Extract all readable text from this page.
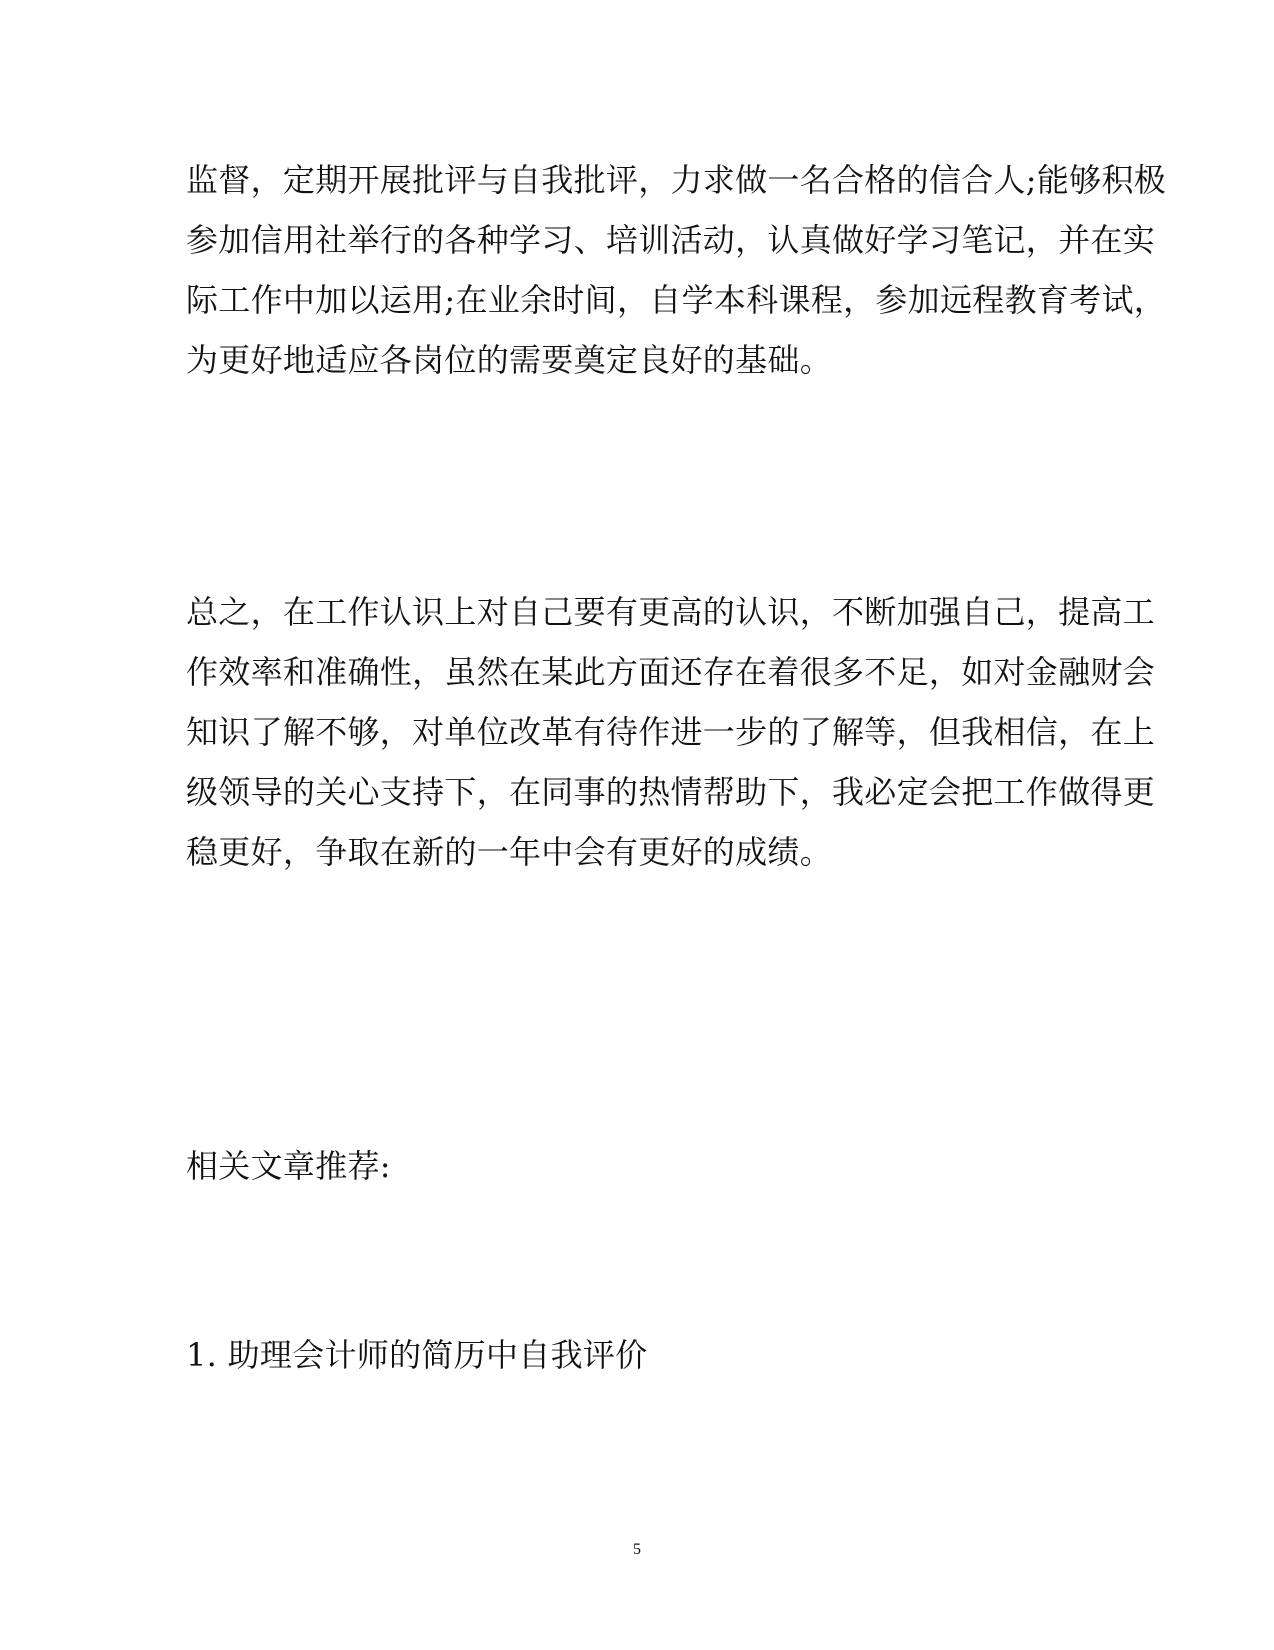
监督，定期开展批评与自我批评，力求做一名合格的信合人;能够积极
参加信用社举行的各种学习、培训活动，认真做好学习笔记，并在实
际工作中加以运用;在业余时间，自学本科课程，参加远程教育考试，
为更好地适应各岗位的需要奠定良好的基础。
总之，在工作认识上对自己要有更高的认识，不断加强自己，提高工
作效率和准确性，虽然在某此方面还存在着很多不足，如对金融财会
知识了解不够，对单位改革有待作进一步的了解等，但我相信，在上
级领导的关心支持下，在同事的热情帮助下，我必定会把工作做得更
稳更好，争取在新的一年中会有更好的成绩。
相关文章推荐:
1. 助理会计师的简历中自我评价
5
